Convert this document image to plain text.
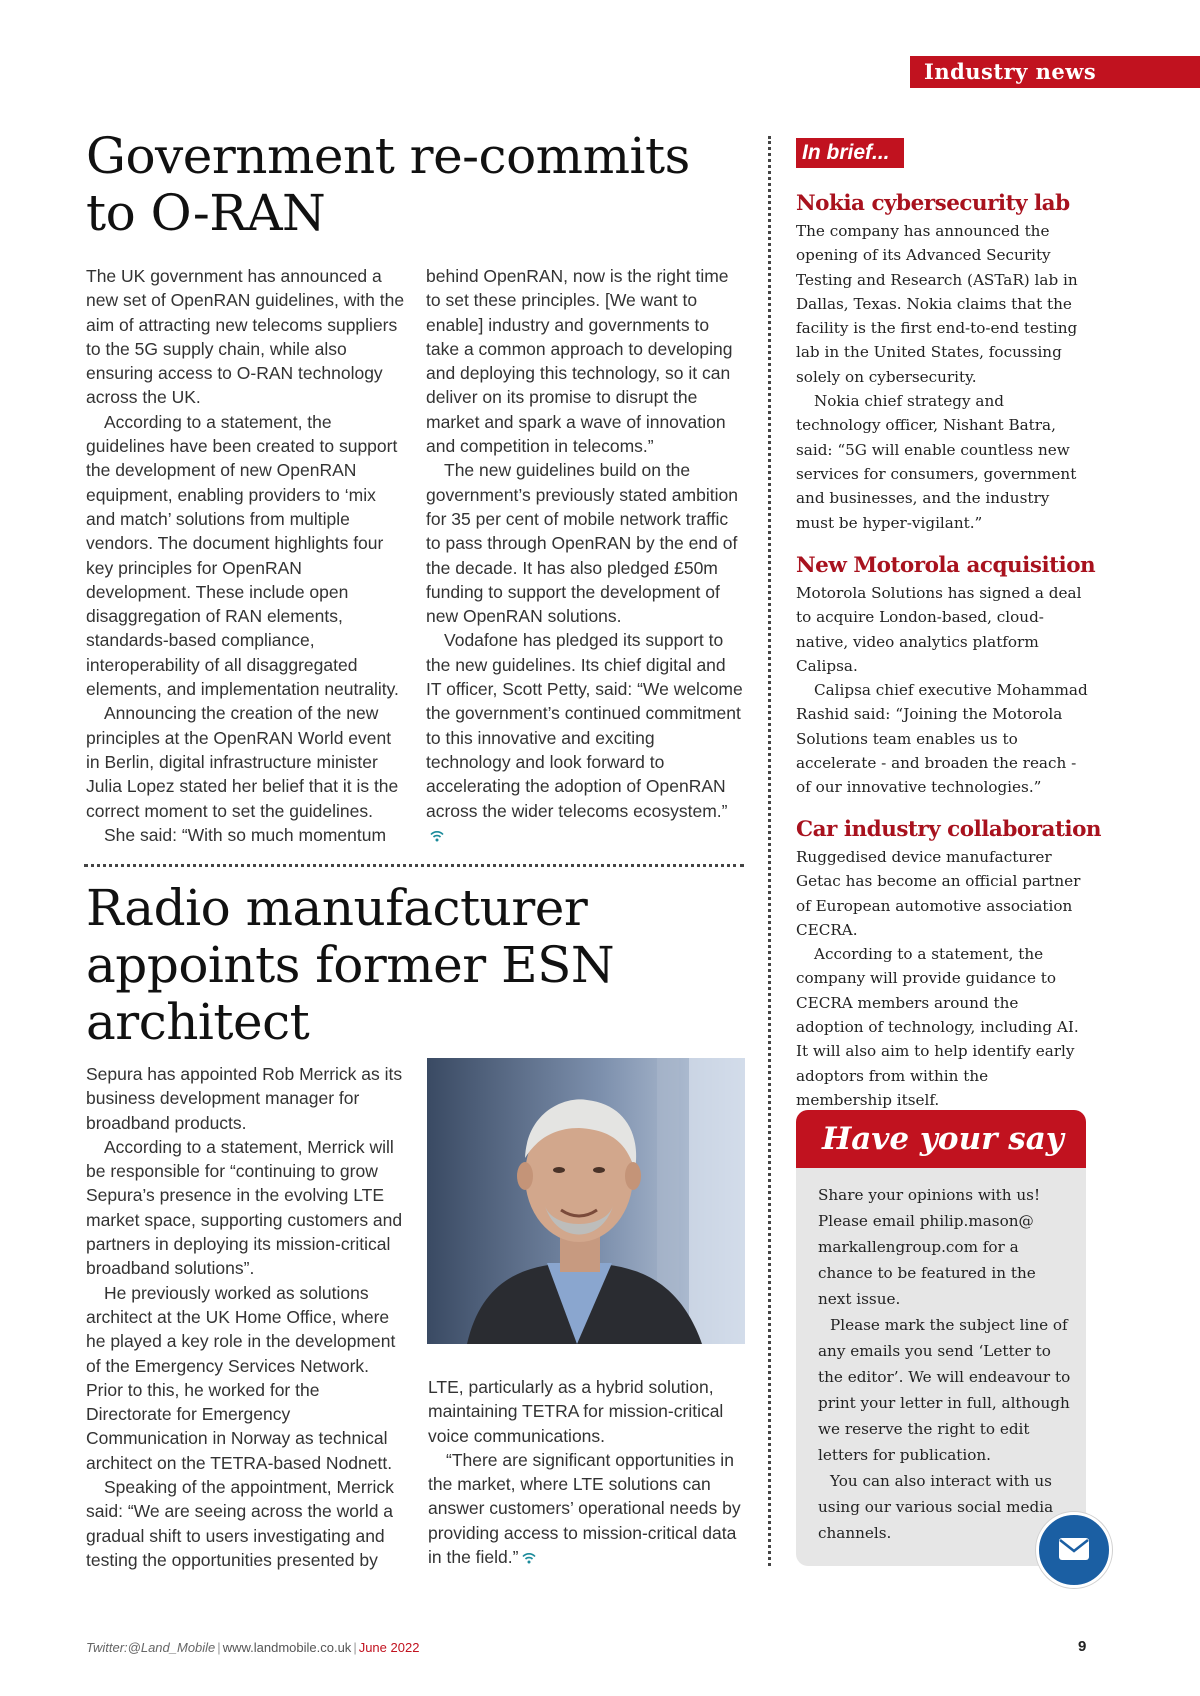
Industry news
Government re-commits to O-RAN

The UK government has announced a new set of OpenRAN guidelines, with the aim of attracting new telecoms suppliers to the 5G supply chain, while also ensuring access to O-RAN technology across the UK.

According to a statement, the guidelines have been created to support the development of new OpenRAN equipment, enabling providers to ‘mix and match’ solutions from multiple vendors. The document highlights four key principles for OpenRAN development. These include open disaggregation of RAN elements, standards-based compliance, interoperability of all disaggregated elements, and implementation neutrality.

Announcing the creation of the new principles at the OpenRAN World event in Berlin, digital infrastructure minister Julia Lopez stated her belief that it is the correct moment to set the guidelines.

She said: “With so much momentum

behind OpenRAN, now is the right time to set these principles. [We want to enable] industry and governments to take a common approach to developing and deploying this technology, so it can deliver on its promise to disrupt the market and spark a wave of innovation and competition in telecoms.”

The new guidelines build on the government’s previously stated ambition for 35 per cent of mobile network traffic to pass through OpenRAN by the end of the decade. It has also pledged £50m funding to support the development of new OpenRAN solutions.

Vodafone has pledged its support to the new guidelines. Its chief digital and IT officer, Scott Petty, said: “We welcome the government’s continued commitment to this innovative and exciting technology and look forward to accelerating the adoption of OpenRAN across the wider telecoms ecosystem.”

Radio manufacturer appoints former ESN architect

Sepura has appointed Rob Merrick as its business development manager for broadband products.

According to a statement, Merrick will be responsible for “continuing to grow Sepura’s presence in the evolving LTE market space, supporting customers and partners in deploying its mission-critical broadband solutions”.

He previously worked as solutions architect at the UK Home Office, where he played a key role in the development of the Emergency Services Network. Prior to this, he worked for the Directorate for Emergency Communication in Norway as technical architect on the TETRA-based Nodnett.

Speaking of the appointment, Merrick said: “We are seeing across the world a gradual shift to users investigating and testing the opportunities presented by

LTE, particularly as a hybrid solution, maintaining TETRA for mission-critical voice communications.

“There are significant opportunities in the market, where LTE solutions can answer customers’ operational needs by providing access to mission-critical data in the field.”

In brief...
Nokia cybersecurity lab

The company has announced the opening of its Advanced Security Testing and Research (ASTaR) lab in Dallas, Texas. Nokia claims that the facility is the first end-to-end testing lab in the United States, focussing solely on cybersecurity.

Nokia chief strategy and technology officer, Nishant Batra, said: “5G will enable countless new services for consumers, government and businesses, and the industry must be hyper-vigilant.”

New Motorola acquisition

Motorola Solutions has signed a deal to acquire London-based, cloud-native, video analytics platform Calipsa.

Calipsa chief executive Mohammad Rashid said: “Joining the Motorola Solutions team enables us to accelerate - and broaden the reach - of our innovative technologies.”

Car industry collaboration

Ruggedised device manufacturer Getac has become an official partner of European automotive association CECRA.

According to a statement, the company will provide guidance to CECRA members around the adoption of technology, including AI. It will also aim to help identify early adoptors from within the membership itself.

Have your say

Share your opinions with us! Please email philip.mason@ markallengroup.com for a chance to be featured in the next issue.

Please mark the subject line of any emails you send ‘Letter to the editor’. We will endeavour to print your letter in full, although we reserve the right to edit letters for publication.

You can also interact with us using our various social media channels.

Twitter:@Land_Mobile | www.landmobile.co.uk | June 2022	9
